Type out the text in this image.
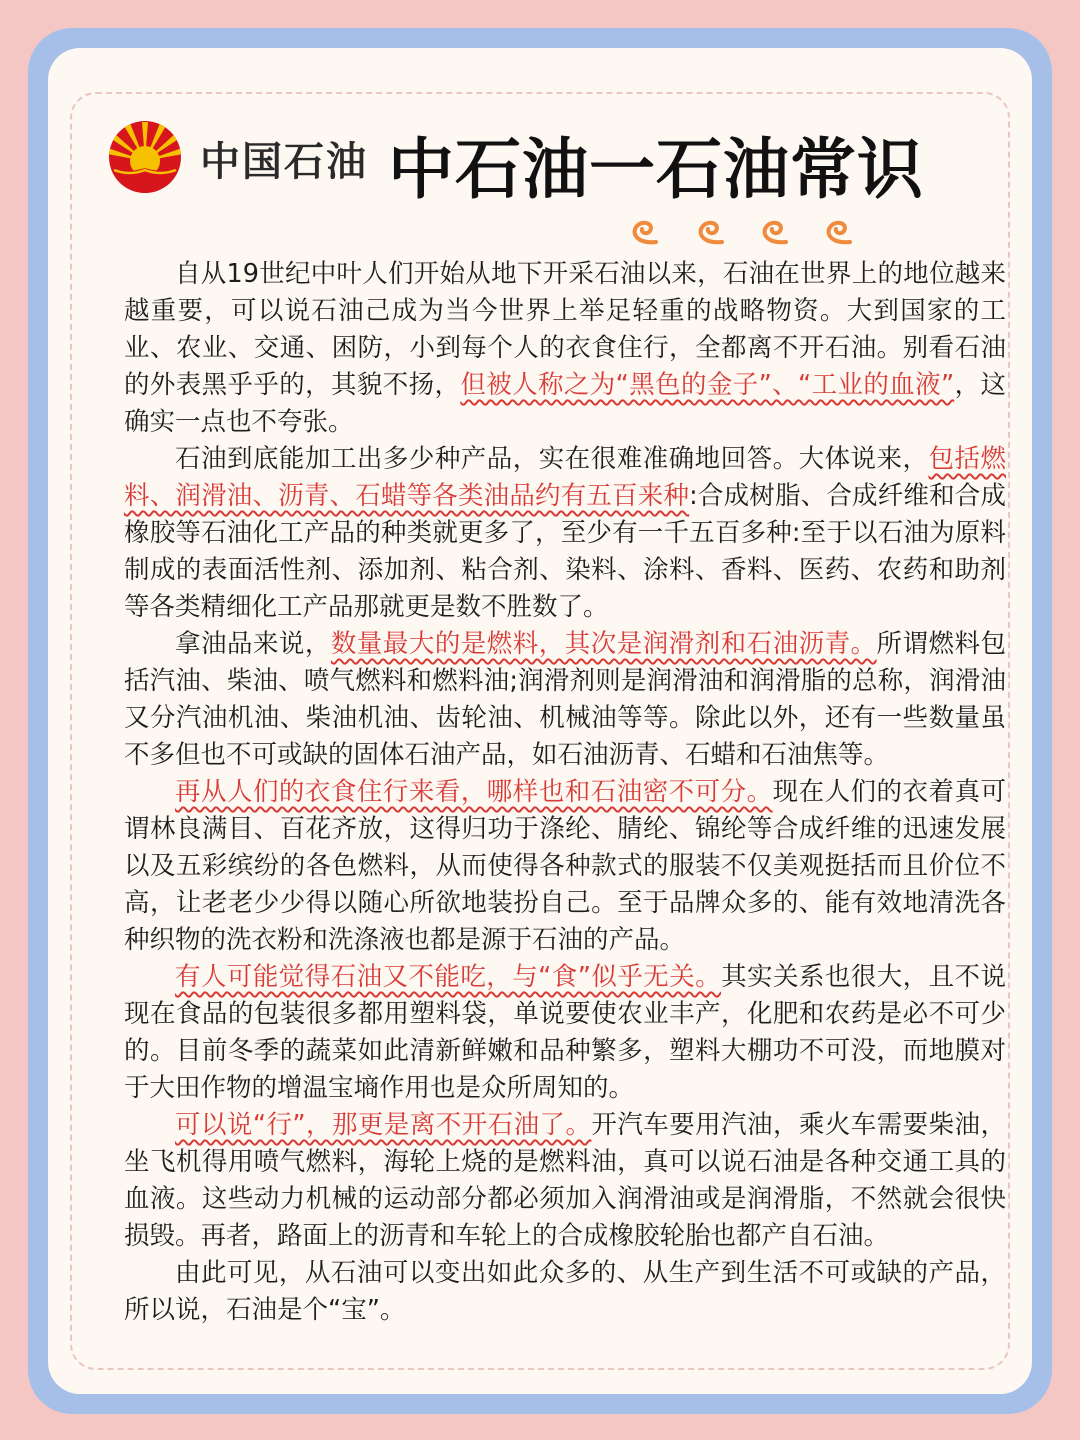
中国石油 中石油一石油常识

自从19世纪中叶人们开始从地下开采石油以来，石油在世界上的地位越来越重要，可以说石油己成为当今世界上举足轻重的战略物资。大到国家的工业、农业、交通、困防，小到每个人的衣食住行，全都离不开石油。别看石油的外表黑乎乎的，其貌不扬，但被人称之为“黑色的金子”、“工业的血液”，这确实一点也不夸张。

石油到底能加工出多少种产品，实在很难准确地回答。大体说来，包括燃料、润滑油、沥青、石蜡等各类油品约有五百来种:合成树脂、合成纤维和合成橡胶等石油化工产品的种类就更多了，至少有一千五百多种:至于以石油为原料制成的表面活性剂、添加剂、粘合剂、染料、涂料、香料、医药、农药和助剂等各类精细化工产品那就更是数不胜数了。

拿油品来说，数量最大的是燃料，其次是润滑剂和石油沥青。所谓燃料包括汽油、柴油、喷气燃料和燃料油;润滑剂则是润滑油和润滑脂的总称，润滑油又分汽油机油、柴油机油、齿轮油、机械油等等。除此以外，还有一些数量虽不多但也不可或缺的固体石油产品，如石油沥青、石蜡和石油焦等。

再从人们的衣食住行来看，哪样也和石油密不可分。现在人们的衣着真可谓林良满目、百花齐放，这得归功于涤纶、腈纶、锦纶等合成纤维的迅速发展以及五彩缤纷的各色燃料，从而使得各种款式的服装不仅美观挺括而且价位不高，让老老少少得以随心所欲地装扮自己。至于品牌众多的、能有效地清洗各种织物的洗衣粉和洗涤液也都是源于石油的产品。

有人可能觉得石油又不能吃，与“食”似乎无关。其实关系也很大，且不说现在食品的包装很多都用塑料袋，单说要使农业丰产，化肥和农药是必不可少的。目前冬季的蔬菜如此清新鲜嫩和品种繁多，塑料大棚功不可没，而地膜对于大田作物的增温宝墒作用也是众所周知的。

可以说“行”，那更是离不开石油了。开汽车要用汽油，乘火车需要柴油，坐飞机得用喷气燃料，海轮上烧的是燃料油，真可以说石油是各种交通工具的血液。这些动力机械的运动部分都必须加入润滑油或是润滑脂，不然就会很快损毁。再者，路面上的沥青和车轮上的合成橡胶轮胎也都产自石油。

由此可见，从石油可以变出如此众多的、从生产到生活不可或缺的产品，所以说，石油是个“宝”。
